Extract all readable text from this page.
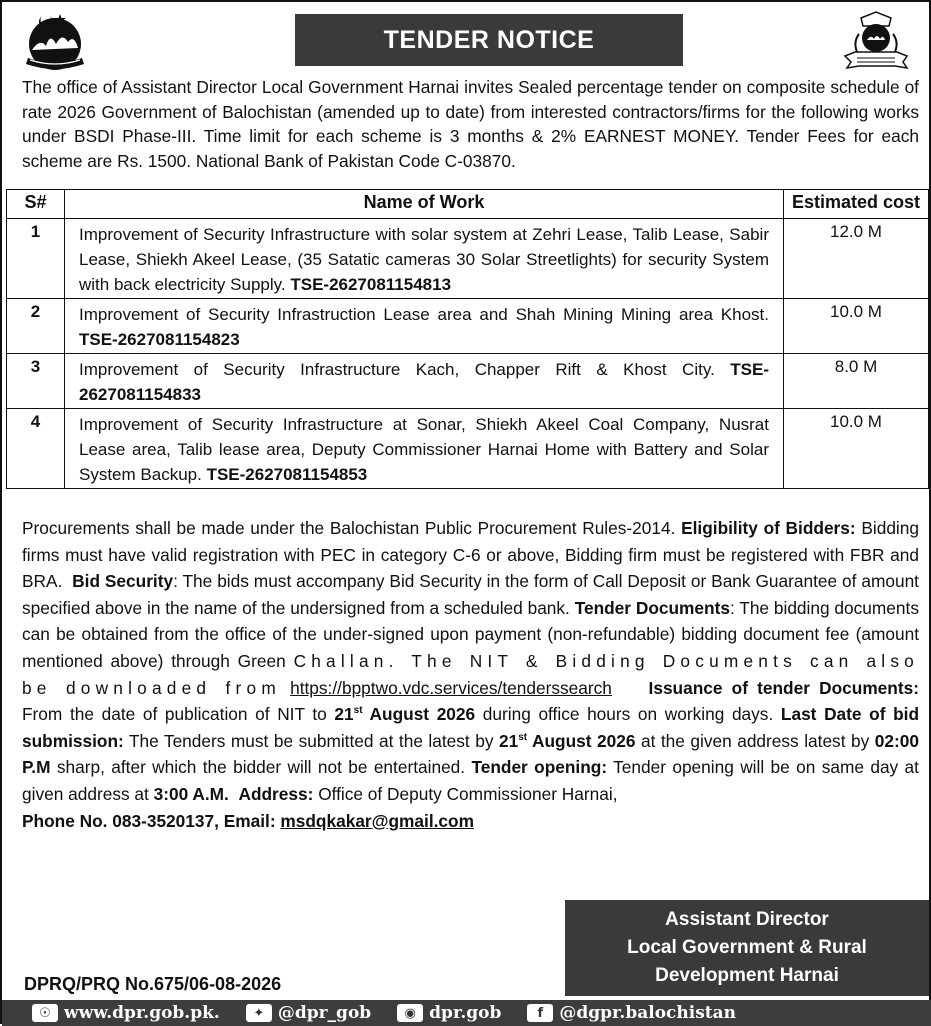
TENDER NOTICE
The office of Assistant Director Local Government Harnai invites Sealed percentage tender on composite schedule of rate 2026 Government of Balochistan (amended up to date) from interested contractors/firms for the following works under BSDI Phase-III. Time limit for each scheme is 3 months & 2% EARNEST MONEY. Tender Fees for each scheme are Rs. 1500. National Bank of Pakistan Code C-03870.
S#	Name of Work	Estimated cost
1	Improvement of Security Infrastructure with solar system at Zehri Lease, Talib Lease, Sabir Lease, Shiekh Akeel Lease, (35 Satatic cameras 30 Solar Streetlights) for security System with back electricity Supply. TSE-2627081154813	12.0 M
2	Improvement of Security Infrastruction Lease area and Shah Mining Mining area Khost. TSE-2627081154823	10.0 M
3	Improvement of Security Infrastructure Kach, Chapper Rift & Khost City. TSE-2627081154833	8.0 M
4	Improvement of Security Infrastructure at Sonar, Shiekh Akeel Coal Company, Nusrat Lease area, Talib lease area, Deputy Commissioner Harnai Home with Battery and Solar System Backup. TSE-2627081154853	10.0 M
Procurements shall be made under the Balochistan Public Procurement Rules-2014. Eligibility of Bidders: Bidding firms must have valid registration with PEC in category C-6 or above, Bidding firm must be registered with FBR and BRA. Bid Security: The bids must accompany Bid Security in the form of Call Deposit or Bank Guarantee of amount specified above in the name of the undersigned from a scheduled bank. Tender Documents: The bidding documents can be obtained from the office of the under-signed upon payment (non-refundable) bidding document fee (amount mentioned above) through Green Challan. The NIT & Bidding Documents can also be downloaded from https://bpptwo.vdc.services/tenderssearch Issuance of tender Documents: From the date of publication of NIT to 21st August 2026 during office hours on working days. Last Date of bid submission: The Tenders must be submitted at the latest by 21st August 2026 at the given address latest by 02:00 P.M sharp, after which the bidder will not be entertained. Tender opening: Tender opening will be on same day at given address at 3:00 A.M. Address: Office of Deputy Commissioner Harnai,
Phone No. 083-3520137, Email: msdqkakar@gmail.com
Assistant Director
Local Government & Rural
Development Harnai
DPRQ/PRQ No.675/06-08-2026
☉ www.dpr.gob.pk.	✦ @dpr_gob	◉ dpr.gob	f @dgpr.balochistan
